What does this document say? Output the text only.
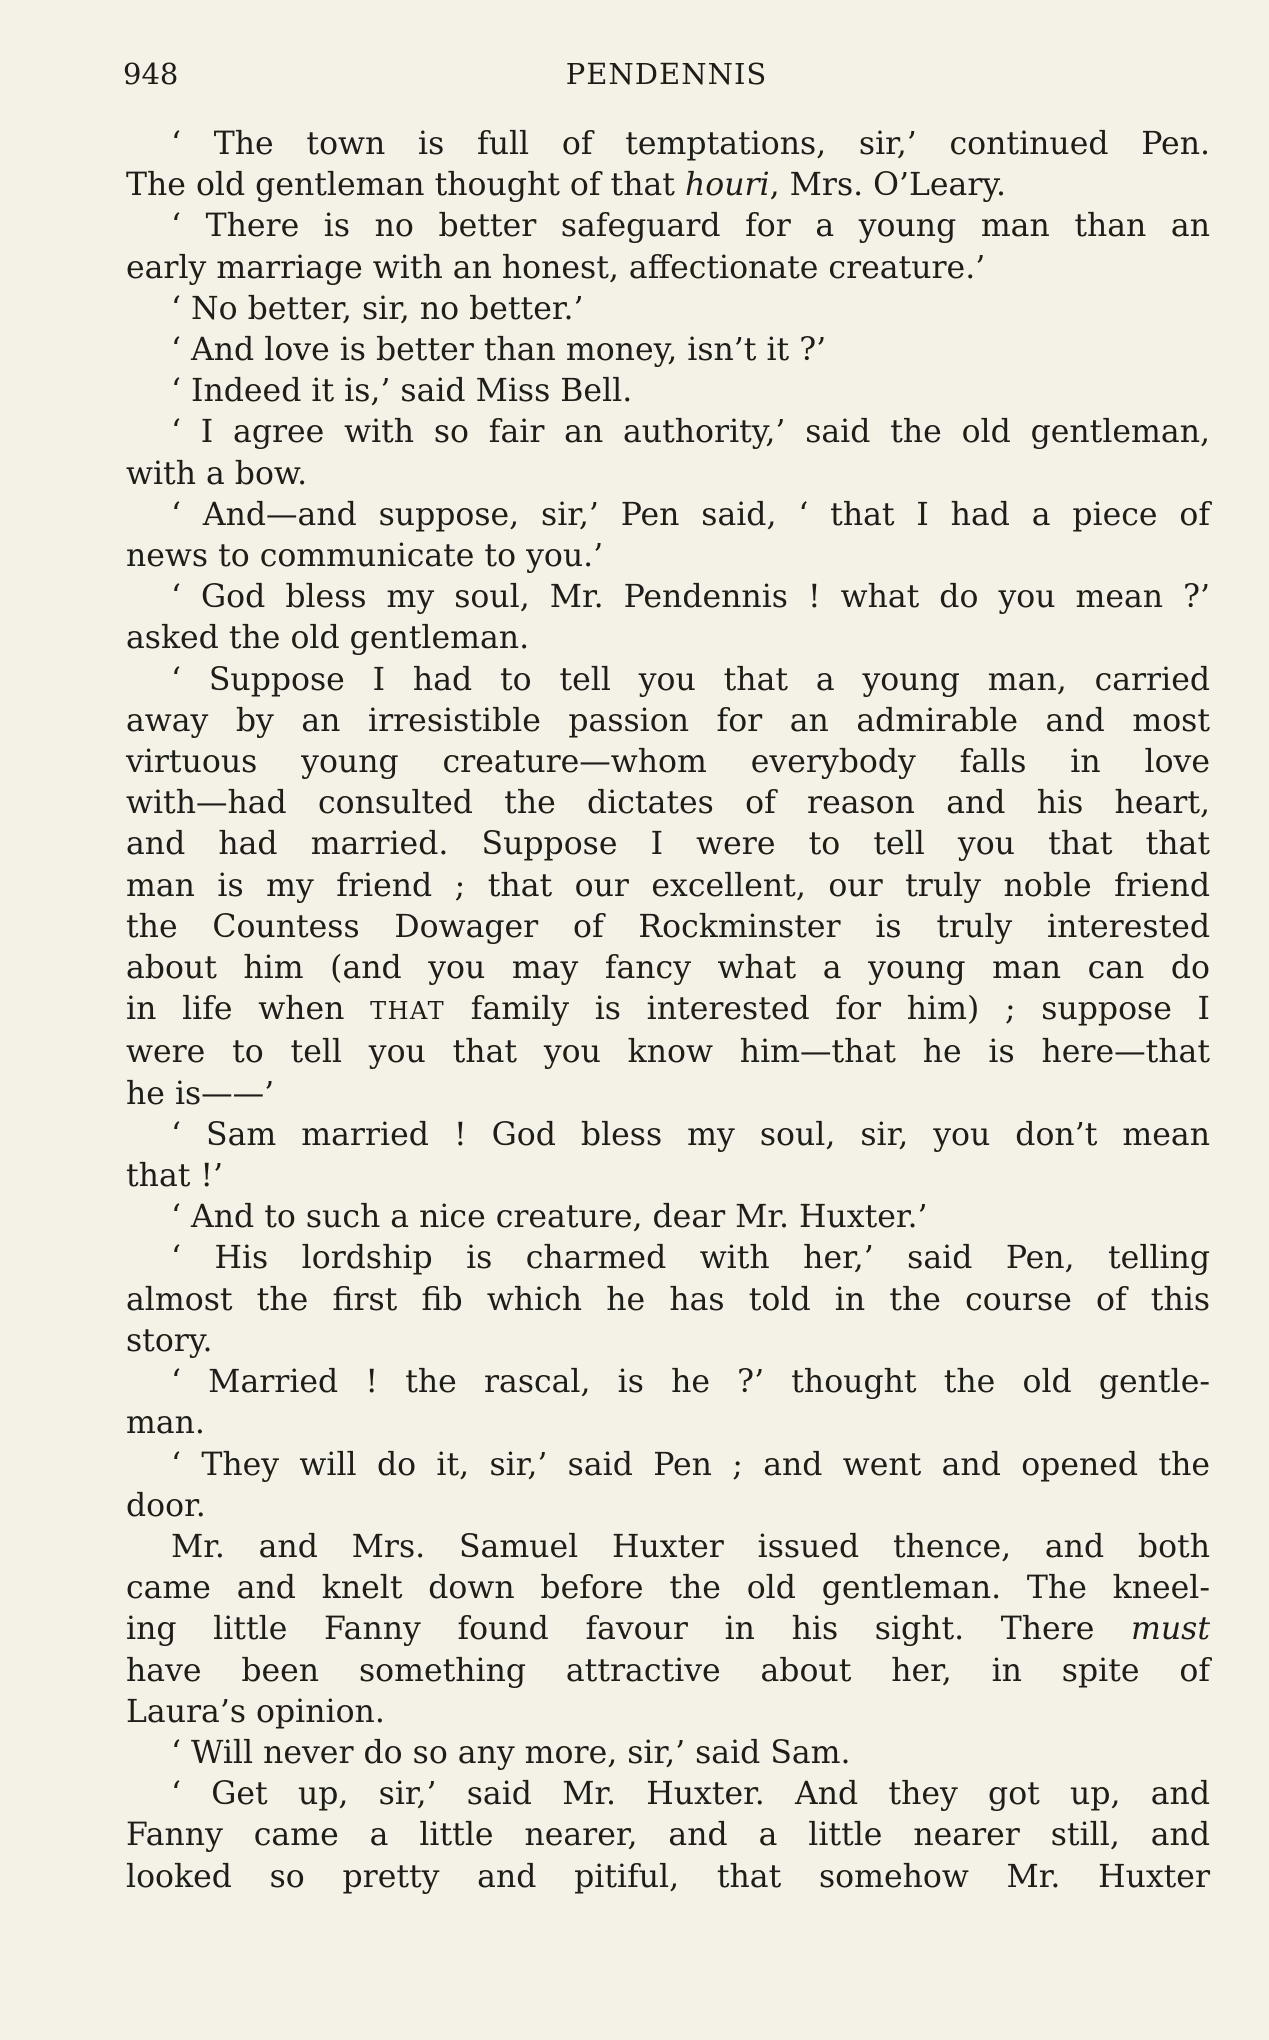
948	PENDENNIS
‘ The town is full of temptations, sir,’ continued Pen.
The old gentleman thought of that houri, Mrs. O’Leary.
‘ There is no better safeguard for a young man than an
early marriage with an honest, affectionate creature.’
‘ No better, sir, no better.’
‘ And love is better than money, isn’t it ?’
‘ Indeed it is,’ said Miss Bell.
‘ I agree with so fair an authority,’ said the old gentleman,
with a bow.
‘ And—and suppose, sir,’ Pen said, ‘ that I had a piece of
news to communicate to you.’
‘ God bless my soul, Mr. Pendennis ! what do you mean ?’
asked the old gentleman.
‘ Suppose I had to tell you that a young man, carried
away by an irresistible passion for an admirable and most
virtuous young creature—whom everybody falls in love
with—had consulted the dictates of reason and his heart,
and had married. Suppose I were to tell you that that
man is my friend ; that our excellent, our truly noble friend
the Countess Dowager of Rockminster is truly interested
about him (and you may fancy what a young man can do
in life when THAT family is interested for him) ; suppose I
were to tell you that you know him—that he is here—that
he is——’
‘ Sam married ! God bless my soul, sir, you don’t mean
that !’
‘ And to such a nice creature, dear Mr. Huxter.’
‘ His lordship is charmed with her,’ said Pen, telling
almost the first fib which he has told in the course of this
story.
‘ Married ! the rascal, is he ?’ thought the old gentle-
man.
‘ They will do it, sir,’ said Pen ; and went and opened the
door.
Mr. and Mrs. Samuel Huxter issued thence, and both
came and knelt down before the old gentleman. The kneel-
ing little Fanny found favour in his sight. There must
have been something attractive about her, in spite of
Laura’s opinion.
‘ Will never do so any more, sir,’ said Sam.
‘ Get up, sir,’ said Mr. Huxter. And they got up, and
Fanny came a little nearer, and a little nearer still, and
looked so pretty and pitiful, that somehow Mr. Huxter
